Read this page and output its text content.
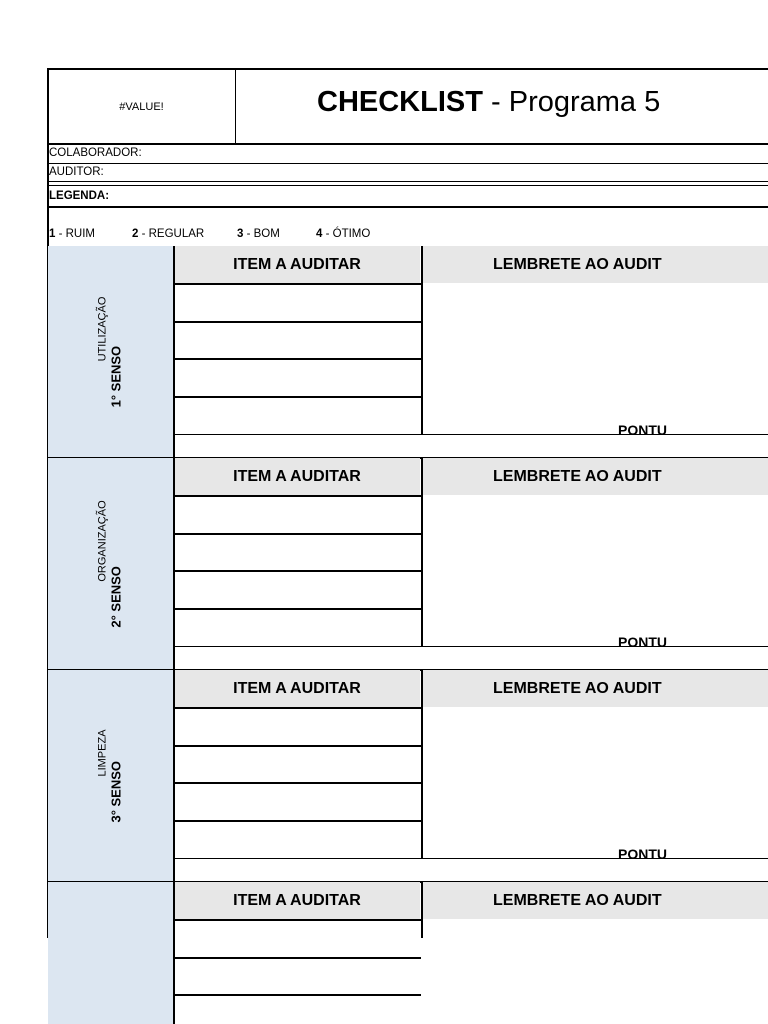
#VALUE!	CHECKLIST - Programa 5
COLABORADOR:
AUDITOR:
LEGENDA:
1 - RUIM	2 - REGULAR	3 - BOM	4 - ÓTIMO
UTILIZAÇÃO
1° SENSO
ITEM A AUDITAR	LEMBRETE AO AUDIT
PONTU
ORGANIZAÇÃO
2° SENSO
ITEM A AUDITAR	LEMBRETE AO AUDIT
PONTU
LIMPEZA
3° SENSO
ITEM A AUDITAR	LEMBRETE AO AUDIT
PONTU
ITEM A AUDITAR	LEMBRETE AO AUDIT
